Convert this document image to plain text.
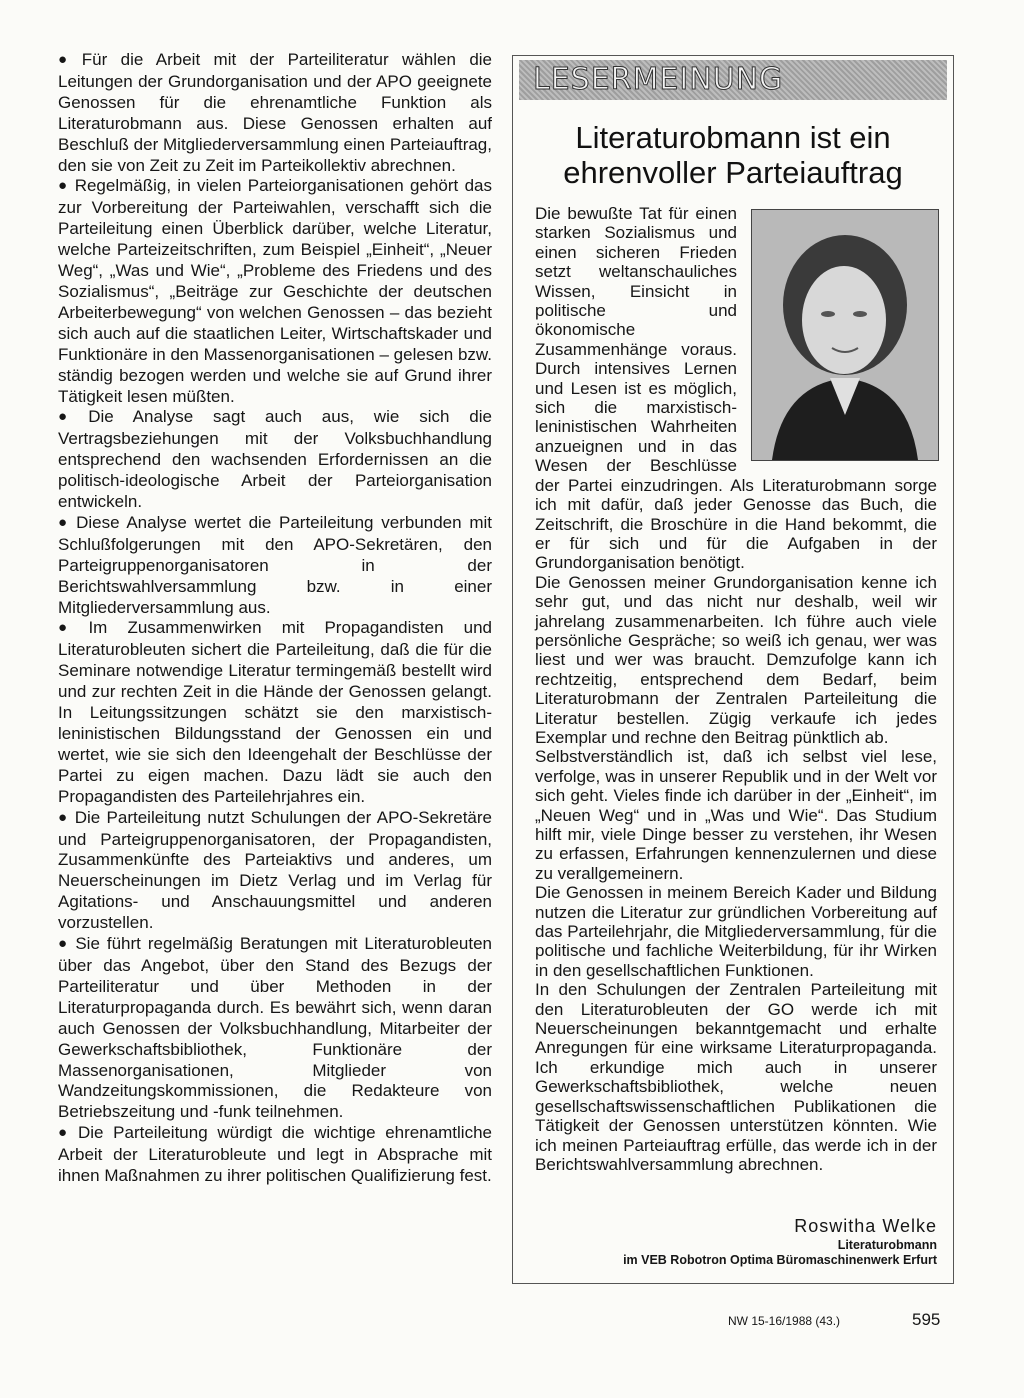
● Für die Arbeit mit der Parteiliteratur wählen die Leitungen der Grundorganisation und der APO geeignete Genossen für die ehrenamtliche Funktion als Literaturobmann aus. Diese Genossen erhalten auf Beschluß der Mitgliederversammlung einen Parteiauftrag, den sie von Zeit zu Zeit im Parteikollektiv abrechnen.

● Regelmäßig, in vielen Parteiorganisationen gehört das zur Vorbereitung der Parteiwahlen, verschafft sich die Parteileitung einen Überblick darüber, welche Literatur, welche Parteizeitschriften, zum Beispiel „Einheit“, „Neuer Weg“, „Was und Wie“, „Probleme des Friedens und des Sozialismus“, „Beiträge zur Geschichte der deutschen Arbeiterbewegung“ von welchen Genossen – das bezieht sich auch auf die staatlichen Leiter, Wirtschaftskader und Funktionäre in den Massenorganisationen – gelesen bzw. ständig bezogen werden und welche sie auf Grund ihrer Tätigkeit lesen müßten.

● Die Analyse sagt auch aus, wie sich die Vertragsbeziehungen mit der Volksbuchhandlung entsprechend den wachsenden Erfordernissen an die politisch-ideologische Arbeit der Parteiorganisation entwickeln.

● Diese Analyse wertet die Parteileitung verbunden mit Schlußfolgerungen mit den APO-Sekretären, den Parteigruppenorganisatoren in der Berichtswahlversammlung bzw. in einer Mitgliederversammlung aus.

● Im Zusammenwirken mit Propagandisten und Literaturobleuten sichert die Parteileitung, daß die für die Seminare notwendige Literatur termingemäß bestellt wird und zur rechten Zeit in die Hände der Genossen gelangt. In Leitungssitzungen schätzt sie den marxistisch-leninistischen Bildungsstand der Genossen ein und wertet, wie sie sich den Ideengehalt der Beschlüsse der Partei zu eigen machen. Dazu lädt sie auch den Propagandisten des Parteilehrjahres ein.

● Die Parteileitung nutzt Schulungen der APO-Sekretäre und Parteigruppenorganisatoren, der Propagandisten, Zusammenkünfte des Parteiaktivs und anderes, um Neuerscheinungen im Dietz Verlag und im Verlag für Agitations- und Anschauungsmittel und anderen vorzustellen.

● Sie führt regelmäßig Beratungen mit Literaturobleuten über das Angebot, über den Stand des Bezugs der Parteiliteratur und über Methoden in der Literaturpropaganda durch. Es bewährt sich, wenn daran auch Genossen der Volksbuchhandlung, Mitarbeiter der Gewerkschaftsbibliothek, Funktionäre der Massenorganisationen, Mitglieder von Wandzeitungskommissionen, die Redakteure von Betriebszeitung und -funk teilnehmen.

● Die Parteileitung würdigt die wichtige ehrenamtliche Arbeit der Literaturobleute und legt in Absprache mit ihnen Maßnahmen zu ihrer politischen Qualifizierung fest.

LESERMEINUNG
Literaturobmann ist ein ehrenvoller Parteiauftrag

Die bewußte Tat für einen starken Sozialismus und einen sicheren Frieden setzt weltanschauliches Wissen, Einsicht in politische und ökonomische Zusammenhänge voraus. Durch intensives Lernen und Lesen ist es möglich, sich die marxistisch-leninistischen Wahrheiten anzueignen und in das Wesen der Beschlüsse der Partei einzudringen. Als Literaturobmann sorge ich mit dafür, daß jeder Genosse das Buch, die Zeitschrift, die Broschüre in die Hand bekommt, die er für sich und für die Aufgaben in der Grundorganisation benötigt.

Die Genossen meiner Grundorganisation kenne ich sehr gut, und das nicht nur deshalb, weil wir jahrelang zusammenarbeiten. Ich führe auch viele persönliche Gespräche; so weiß ich genau, wer was liest und wer was braucht. Demzufolge kann ich rechtzeitig, entsprechend dem Bedarf, beim Literaturobmann der Zentralen Parteileitung die Literatur bestellen. Zügig verkaufe ich jedes Exemplar und rechne den Beitrag pünktlich ab.

Selbstverständlich ist, daß ich selbst viel lese, verfolge, was in unserer Republik und in der Welt vor sich geht. Vieles finde ich darüber in der „Einheit“, im „Neuen Weg“ und in „Was und Wie“. Das Studium hilft mir, viele Dinge besser zu verstehen, ihr Wesen zu erfassen, Erfahrungen kennenzulernen und diese zu verallgemeinern.

Die Genossen in meinem Bereich Kader und Bildung nutzen die Literatur zur gründlichen Vorbereitung auf das Parteilehrjahr, die Mitgliederversammlung, für die politische und fachliche Weiterbildung, für ihr Wirken in den gesellschaftlichen Funktionen.

In den Schulungen der Zentralen Parteileitung mit den Literaturobleuten der GO werde ich mit Neuerscheinungen bekanntgemacht und erhalte Anregungen für eine wirksame Literaturpropaganda. Ich erkundige mich auch in unserer Gewerkschaftsbibliothek, welche neuen gesellschaftswissenschaftlichen Publikationen die Tätigkeit der Genossen unterstützen könnten. Wie ich meinen Parteiauftrag erfülle, das werde ich in der Berichtswahlversammlung abrechnen.

Roswitha Welke
Literaturobmann
im VEB Robotron Optima Büromaschinenwerk Erfurt
NW 15-16/1988 (43.)	595
